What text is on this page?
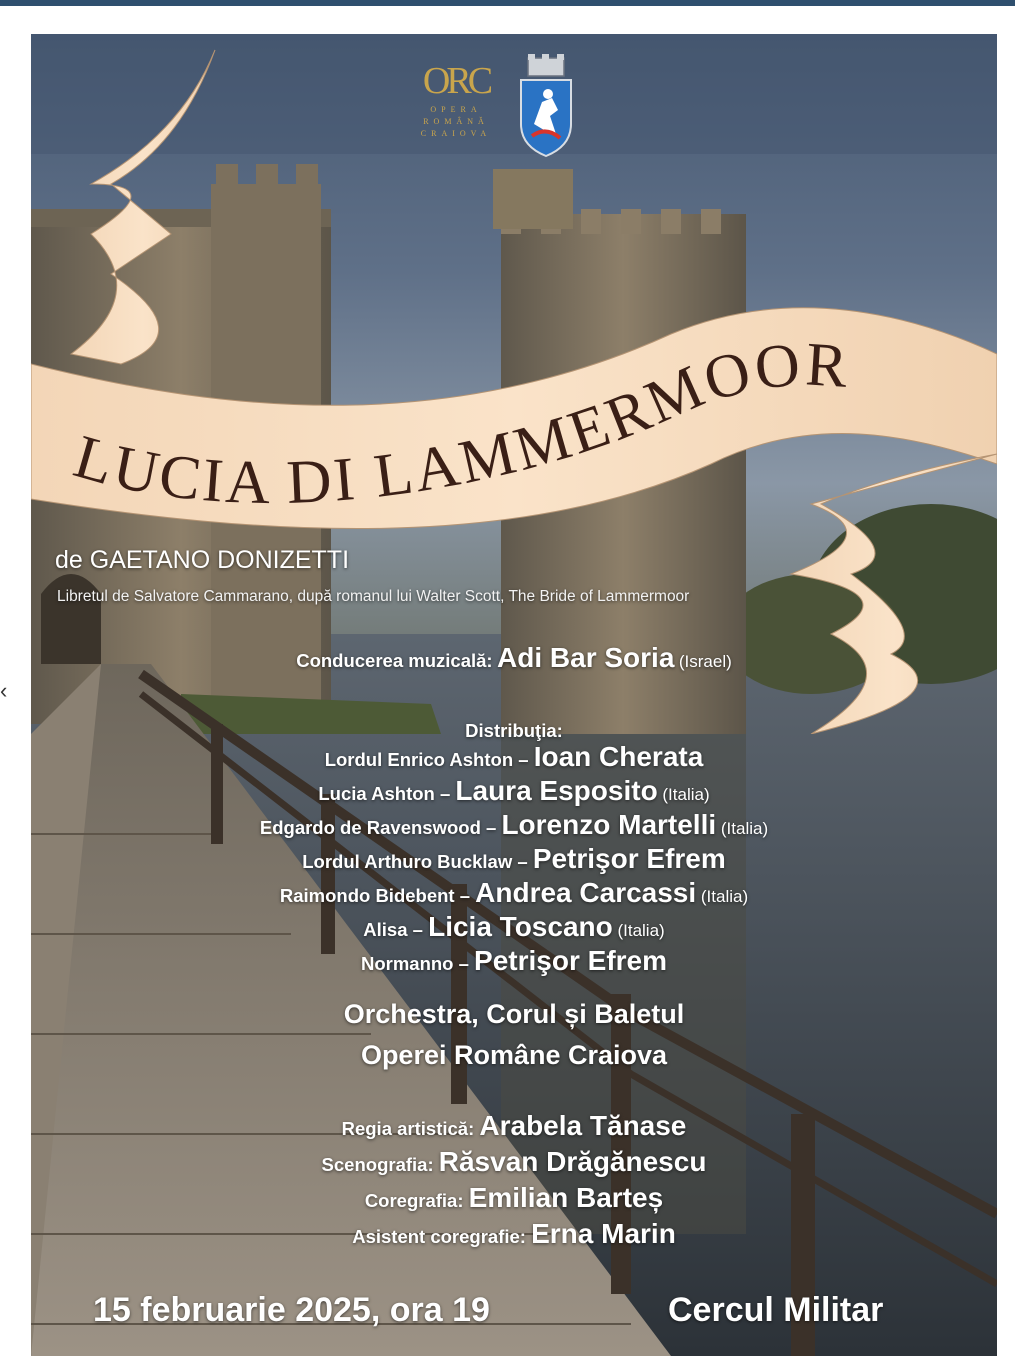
‹
ORC
OPERA
ROMÂNĂ
CRAIOVA
LUCIA DI LAMMERMOOR
de GAETANO DONIZETTI
Libretul de Salvatore Cammarano, după romanul lui Walter Scott, The Bride of Lammermoor
Conducerea muzicală: Adi Bar Soria (Israel)
Distribuţia:
Lordul Enrico Ashton – Ioan Cherata
Lucia Ashton – Laura Esposito (Italia)
Edgardo de Ravenswood – Lorenzo Martelli (Italia)
Lordul Arthuro Bucklaw – Petrişor Efrem
Raimondo Bidebent – Andrea Carcassi (Italia)
Alisa – Licia Toscano (Italia)
Normanno – Petrişor Efrem
Orchestra, Corul și Baletul
Operei Române Craiova
Regia artistică: Arabela Tănase
Scenografia: Răsvan Drăgănescu
Coregrafia: Emilian Barteș
Asistent coregrafie: Erna Marin
15 februarie 2025, ora 19	Cercul Militar
